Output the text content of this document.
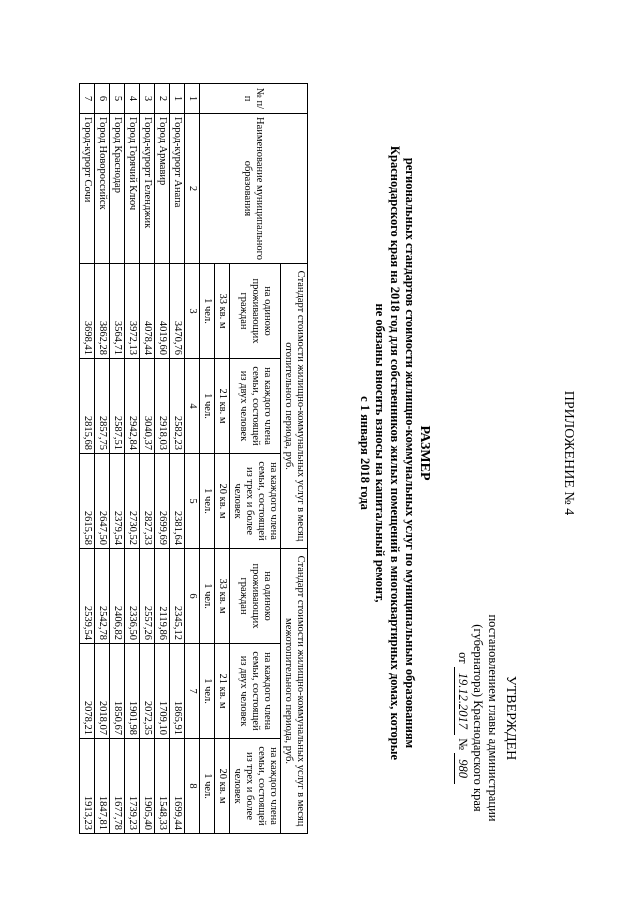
ПРИЛОЖЕНИЕ № 4
УТВЕРЖДЕН
постановлением главы администрации
(губернатора) Краснодарского края
от 19.12.2017 № 980
РАЗМЕР
региональных стандартов стоимости жилищно-коммунальных услуг по муниципальным образованиям
Краснодарского края на 2018 год для собственников жилых помещений в многоквартирных домах, которые
не обязаны вносить взносы на капитальный ремонт,
с 1 января 2018 года
№ п/п	Наименование муниципального образования	Стандарт стоимости жилищно-коммунальных услуг в месяц отопительного периода, руб.			Стандарт стоимости жилищно-коммунальных услуг в месяц межотопительного периода, руб.		
		на одиноко проживающих граждан	на каждого члена семьи, состоящей из двух человек	на каждого члена семьи, состоящей из трех и более человек	на одиноко проживающих граждан	на каждого члена семьи, состоящей из двух человек	на каждого члена семьи, состоящей из трех и более человек
		33 кв. м	21 кв. м	20 кв. м	33 кв. м	21 кв. м	20 кв. м
		1 чел.	1 чел.	1 чел.	1 чел.	1 чел.	1 чел.
1	2	3	4	5	6	7	8
1	Город-курорт Анапа	3470,76	2582,23	2381,64	2345,12	1865,91	1699,44
2	Город Армавир	4019,60	2918,03	2699,69	2119,86	1709,10	1548,33
3	Город-курорт Геленджик	4078,44	3040,37	2827,33	2557,26	2072,35	1905,40
4	Город Горячий Ключ	3972,13	2942,84	2730,52	2336,50	1901,98	1739,23
5	Город Краснодар	3564,71	2587,51	2379,54	2406,82	1850,67	1677,78
6	Город Новороссийск	3862,28	2857,75	2647,50	2542,78	2018,07	1847,81
7	Город-курорт Сочи	3698,41	2815,68	2615,58	2539,54	2078,21	1913,23
